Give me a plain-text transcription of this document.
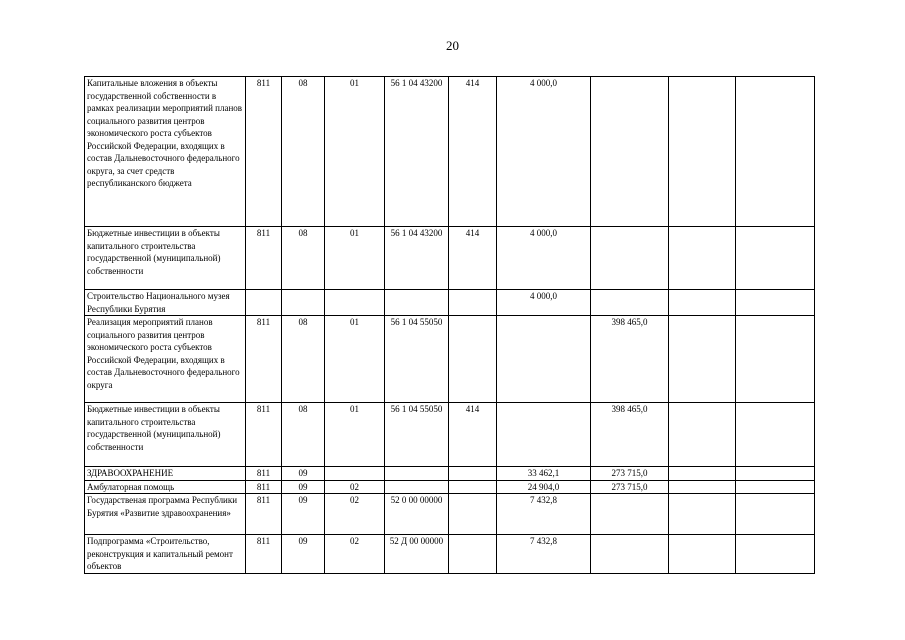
20
Капитальные вложения в объекты государственной собственности в рамках реализации мероприятий планов социального развития центров экономического роста субъектов Российской Федерации, входящих в состав Дальневосточного федерального округа, за счет средств республиканского бюджета	811	08	01	56 1 04 43200	414	4 000,0			
Бюджетные инвестиции в объекты капитального строительства государственной (муниципальной) собственности	811	08	01	56 1 04 43200	414	4 000,0			
Строительство Национального музея Республики Бурятия						4 000,0			
Реализация мероприятий планов социального развития центров экономического роста субъектов Российской Федерации, входящих в состав Дальневосточного федерального округа	811	08	01	56 1 04 55050			398 465,0		
Бюджетные инвестиции в объекты капитального строительства государственной (муниципальной) собственности	811	08	01	56 1 04 55050	414		398 465,0		
ЗДРАВООХРАНЕНИЕ	811	09				33 462,1	273 715,0		
Амбулаторная помощь	811	09	02			24 904,0	273 715,0		
Государственая программа Республики Бурятия «Развитие здравоохранения»	811	09	02	52 0 00 00000		7 432,8			
Подпрограмма «Строительство, реконструкция и капитальный ремонт объектов	811	09	02	52 Д 00 00000		7 432,8			
